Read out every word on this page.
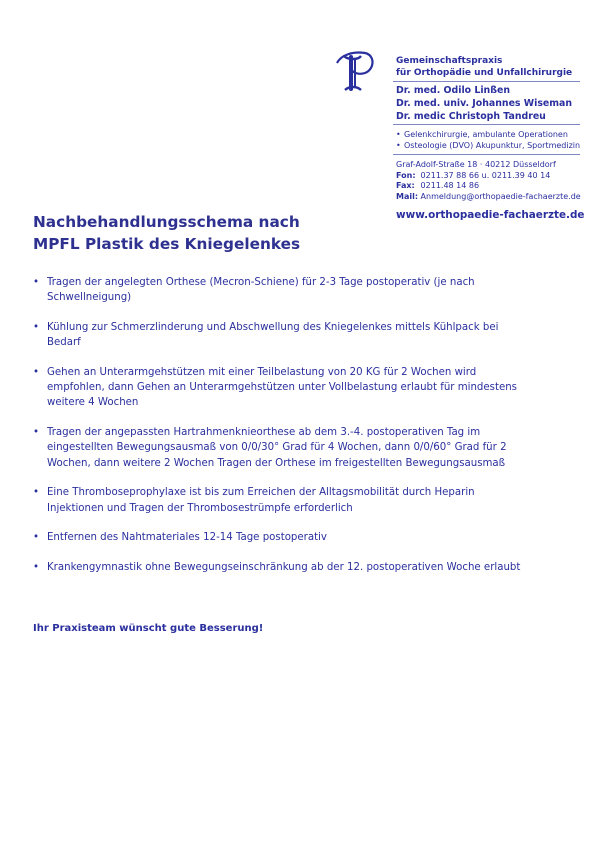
Gemeinschaftspraxis
für Orthopädie und Unfallchirurgie
Dr. med. Odilo Linßen
Dr. med. univ. Johannes Wiseman
Dr. medic Christoph Tandreu
• Gelenkchirurgie, ambulante Operationen
• Osteologie (DVO) Akupunktur, Sportmedizin
Graf-Adolf-Straße 18 · 40212 Düsseldorf
Fon: 0211.37 88 66 u. 0211.39 40 14
Fax: 0211.48 14 86
Mail: Anmeldung@orthopaedie-fachaerzte.de
www.orthopaedie-fachaerzte.de
Nachbehandlungsschema nach
MPFL Plastik des Kniegelenkes
• Tragen der angelegten Orthese (Mecron-Schiene) für 2-3 Tage postoperativ (je nach
Schwellneigung)
• Kühlung zur Schmerzlinderung und Abschwellung des Kniegelenkes mittels Kühlpack bei
Bedarf
• Gehen an Unterarmgehstützen mit einer Teilbelastung von 20 KG für 2 Wochen wird
empfohlen, dann Gehen an Unterarmgehstützen unter Vollbelastung erlaubt für mindestens
weitere 4 Wochen
• Tragen der angepassten Hartrahmenknieorthese ab dem 3.-4. postoperativen Tag im
eingestellten Bewegungsausmaß von 0/0/30° Grad für 4 Wochen, dann 0/0/60° Grad für 2
Wochen, dann weitere 2 Wochen Tragen der Orthese im freigestellten Bewegungsausmaß
• Eine Thromboseprophylaxe ist bis zum Erreichen der Alltagsmobilität durch Heparin
Injektionen und Tragen der Thrombosestrümpfe erforderlich
• Entfernen des Nahtmateriales 12-14 Tage postoperativ
• Krankengymnastik ohne Bewegungseinschränkung ab der 12. postoperativen Woche erlaubt
Ihr Praxisteam wünscht gute Besserung!
